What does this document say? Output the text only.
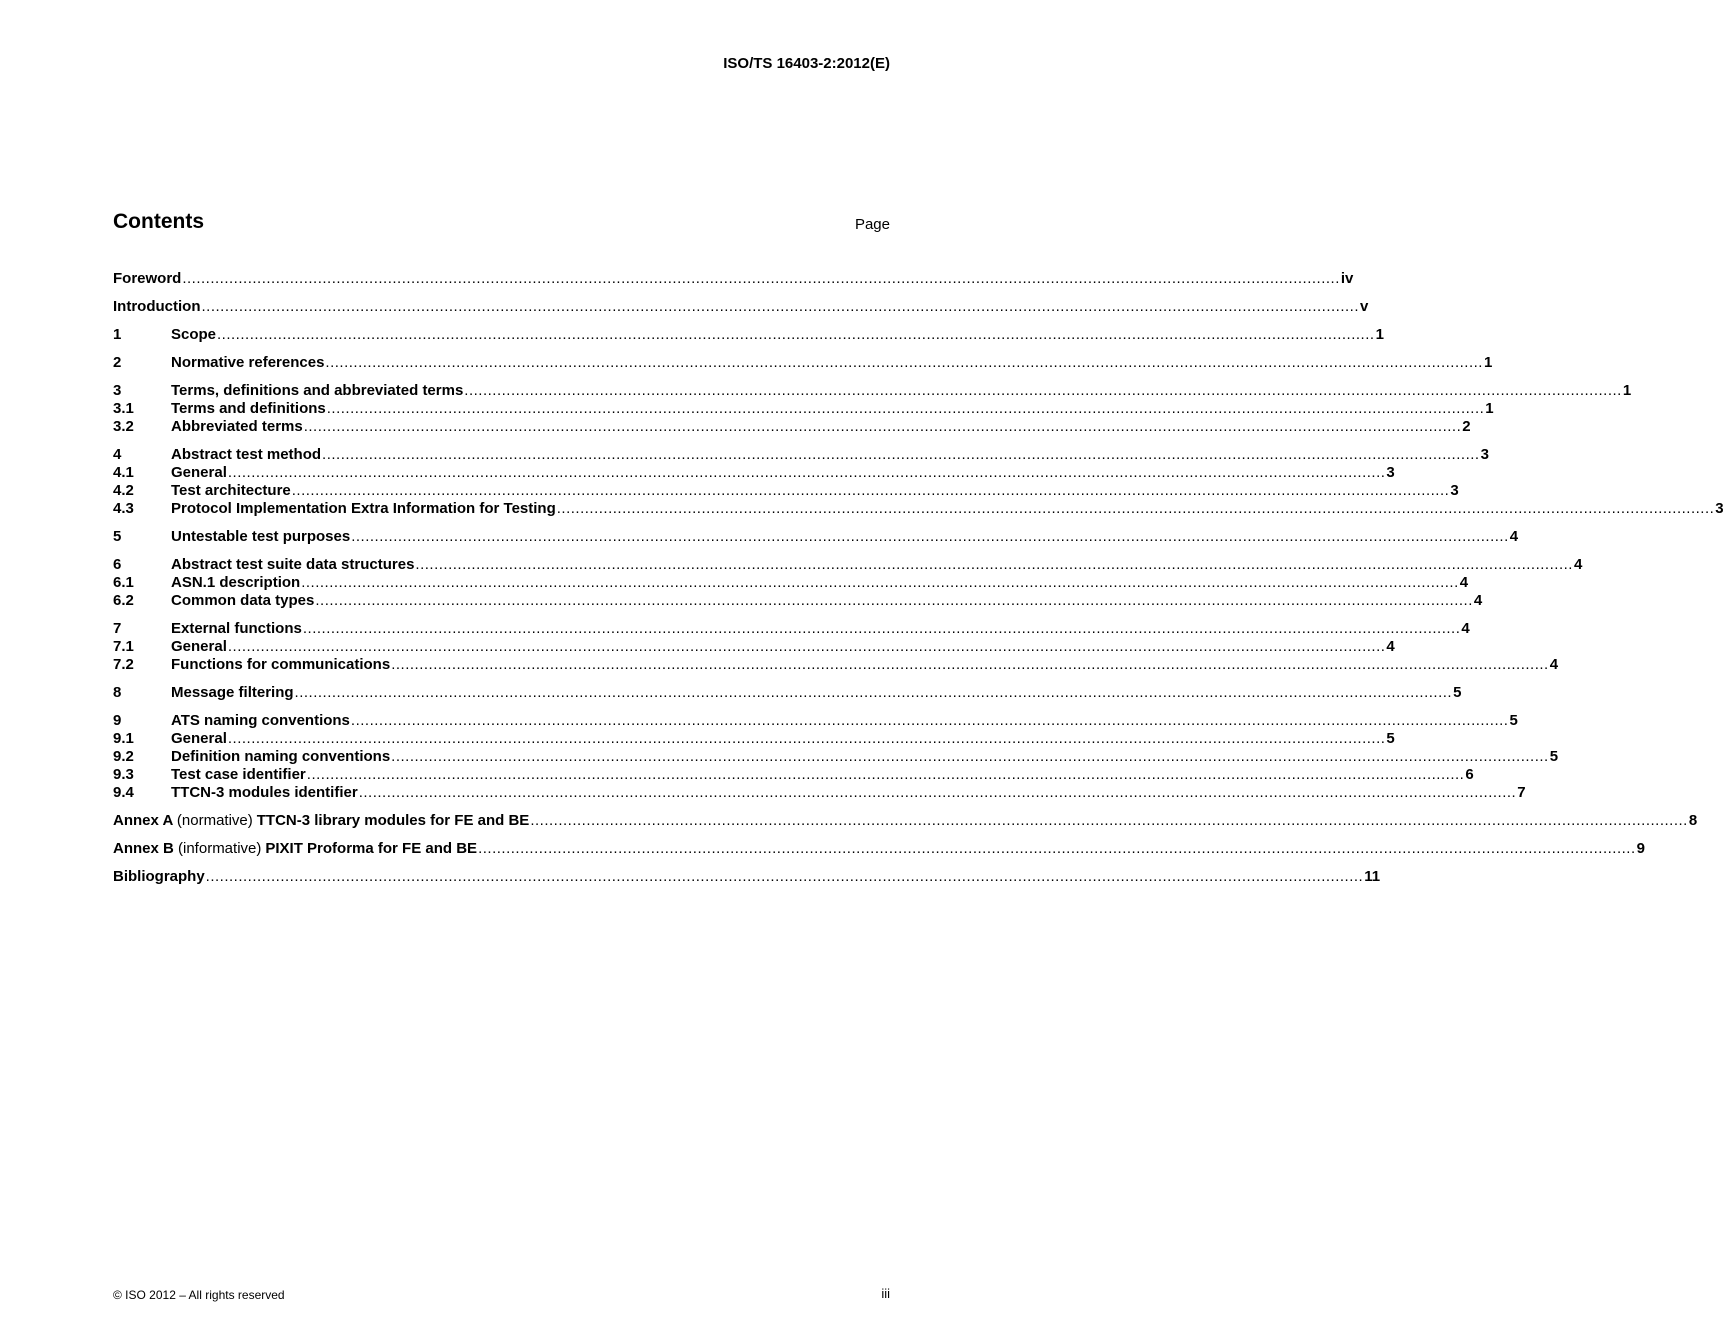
ISO/TS 16403-2:2012(E)
Contents	Page
Foreword .....	iv
Introduction .....	v
1	Scope .....	1
2	Normative references .....	1
3	Terms, definitions and abbreviated terms .....	1
3.1	Terms and definitions .....	1
3.2	Abbreviated terms .....	2
4	Abstract test method .....	3
4.1	General .....	3
4.2	Test architecture .....	3
4.3	Protocol Implementation Extra Information for Testing .....	3
5	Untestable test purposes .....	4
6	Abstract test suite data structures .....	4
6.1	ASN.1 description .....	4
6.2	Common data types .....	4
7	External functions .....	4
7.1	General .....	4
7.2	Functions for communications .....	4
8	Message filtering .....	5
9	ATS naming conventions .....	5
9.1	General .....	5
9.2	Definition naming conventions .....	5
9.3	Test case identifier .....	6
9.4	TTCN-3 modules identifier .....	7
Annex A (normative) TTCN-3 library modules for FE and BE .....	8
Annex B (informative) PIXIT Proforma for FE and BE .....	9
Bibliography .....	11
© ISO 2012 – All rights reserved	iii
